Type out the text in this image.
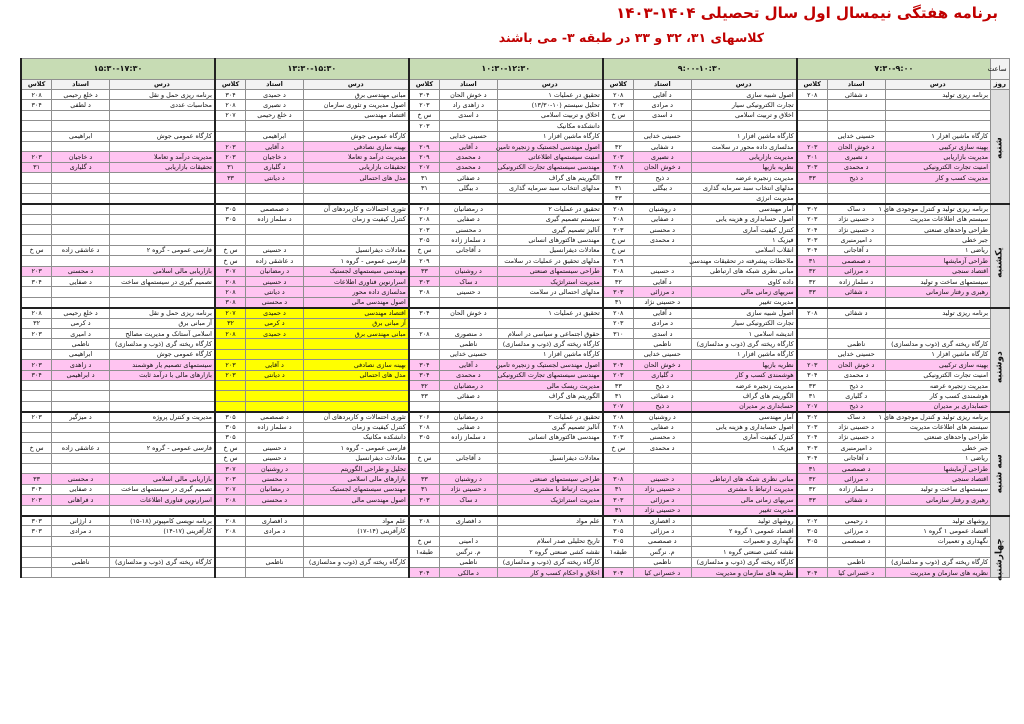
برنامه هفتگی نیمسال اول سال تحصیلی ۱۴۰۴-۱۴۰۳
کلاسهای ۳۱، ۳۲ و ۳۳ در طبقه ۳- می باشند
ساعت	۷:۳۰-۹:۰۰			۹:۰۰-۱۰:۳۰			۱۰:۳۰-۱۲:۳۰			۱۳:۳۰-۱۵:۳۰			۱۵:۳۰-۱۷:۳۰		
روز	درس	استاد	کلاس	درس	استاد	کلاس	درس	استاد	کلاس	درس	استاد	کلاس	درس	استاد	کلاس

شنبه	برنامه ریزی تولید	د شفائی	۲۰۸	اصول شبیه سازی	د آقایی	۲۰۸	تحقیق در عملیات ۱	د خوش الحان	۳۰۴	مبانی مهندسی برق	د حمیدی	۳۰۴	برنامه ریزی حمل و نقل	د خلع رحیمی	۲۰۸
				تجارت الکترونیکی سیار	د مرادی	۲۰۳	تحلیل سیستم (۱۰-۱۳/۳۰)	د زاهدی راد	۲۰۳	اصول مدیریت و تئوری سازمان	د نصیری	۲۰۸	محاسبات عددی	د لطفی	۳۰۴
				اخلاق و تربیت اسلامی	د اسدی	س خ	اخلاق و تربیت اسلامی	د اسدی	س خ	اقتصاد مهندسی	د خلع رحیمی	۲۰۷			
							دانشکده مکانیک		۲۰۳						
	کارگاه ماشین افزار ۱	حسینی خدایی		کارگاه ماشین افزار ۱	حسینی خدایی		کارگاه ماشین افزار ۱	حسینی خدایی		کارگاه عمومی جوش	ابراهیمی		کارگاه عمومی جوش	ابراهیمی	
	بهینه سازی ترکیبی	د خوش الحان	۲۰۳	مدلسازی داده محور در سلامت	د شفایی	۳۲	اصول مهندسی لجستیک و زنجیره تامین	د آقایی	۲۰۹	بهینه سازی نصادفی	د آقایی	۲۰۳			
	مدیریت بازاریابی	د نصیری	۳۰۱	مدیریت بازاریابی	د نصیری	۲۰۳	امنیت سیستمهای اطلاعاتی	د محمدی	۲۰۹	مدیریت درآمد و تعاملا	د خاجیان	۲۰۳	مدیریت درآمد و تعاملا	د خاجیان	۲۰۳
	امنیت تجارت الکترونیکی	د محمدی	۳۰۳	نظریه بازیها	د خوش الحان	۲۰۸	مهندسی سیستمهای تجارت الکترونیکی	د محمدی	۲۰۷	تحقیقات بازاریابی	د گلیاری	۳۱	تحقیقات بازاریابی	د گلیاری	۳۱
	مدیریت کسب و کار	د ذیح	۳۳	مدیریت زنجیره عرضه	د ذیح	۳۳	الگوریتم های گراف	د صفائی	۳۱	مدل های احتمالی	د دیانتی	۳۳			
				مدلهای انتخاب سبد سرمایه گذاری	د بیگلی	۳۱	مدلهای انتخاب سبد سرمایه گذاری	د بیگلی	۳۱						
				مدیریت انرژی		۳۳									

یکشنبه	برنامه ریزی تولید و کنترل موجودی های ۱	د ساک	۳۰۲	آمار مهندسی	د روشنیان	۲۰۸	تحقیق در عملیات ۲	د رمضانیان	۲۰۶	تئوری احتمالات و کاربردهای آن	د صمصمی	۳۰۵			
	سیستم های اطلاعات مدیریت	د حسینی نژاد	۲۰۳	اصول حسابداری و هزینه یابی	د صفایی	۲۰۸	سیستم تصمیم گیری	د صفایی	۲۰۸	کنترل کیفیت و زمان	د سلماز زاده	۳۰۵			
	طراحی واحدهای صنعتی	د حسینی نژاد	۲۰۴	کنترل کیفیت آماری	د محسنی	۲۰۳	آنالیز تصمیم گیری	د محسنی	۲۰۳						
	جبر خطی	د امیرمنبری	۳۰۳	فیزیک ۱	د محمدی	س خ	مهندسی فاکتورهای انسانی	د سلماز زاده	۳۰۵						
	ریاضی ۱	د آقاجانی	۳۰۴	انقلاب اسلامی		س خ	معادلات دیفرانسیل	د آقاجانی	س خ	معادلات دیفرانسیل	د حسینی	س خ	فارسی عمومی - گروه ۲	د عاشقی زاده	س خ
	طراحی آزمایشها	د صمصمی	۳۱	ملاحظات پیشرفته در تحقیقات مهندسی		۲۰۹	مدلهای تحقیق در عملیات در سلامت		۲۰۹	فارسی عمومی - گروه ۱	د عاشقی زاده	س خ			
	اقتصاد سنجی	د مرزائی	۳۲	مبانی نظری شبکه های ارتباطی	د حسینی	۳۰۸	طراحی سیستمهای صنعتی	د روشنیان	۳۳	مهندسی سیستمهای لجستیک	د رمضانیان	۳۰۷	بازاریابی مالی اسلامی	د محسنی	۲۰۳
	سیستمهای ساخت و تولید	د سلماز زاده	۳۲	داده کاوی	د آقایی	۳۲	مدیریت استراتژیک	د ساک	۳۰۳	اسرارنوین فناوری اطلاعات	د حسینی	۲۰۸	تصمیم گیری در سیستمهای ساخت	د صفایی	۳۰۴
	رهبری و رفتار سازمانی	د شفائی	۳۳	سریهای زمانی مالی	د مرزائی	۳۰۳	مدلهای احتمالی در سلامت	د حسینی	۳۰۸	مدلسازی داده محور	د دیانتی	۲۰۸			
				مدیریت تغییر	د حسینی نژاد	۳۱				اصول مهندسی مالی	د محسنی	۳۰۸			

دوشنبه	برنامه ریزی تولید	د شفائی	۲۰۸	اصول شبیه سازی	د آقایی	۲۰۸	تحقیق در عملیات ۱	د خوش الحان	۳۰۴	اقتصاد مهندسی	د حمیدی	۲۰۷	برنامه ریزی حمل و نقل	د خلع رحیمی	۲۰۸
				تجارت الکترونیکی سیار	د مرادی	۲۰۳				آز مبانی برق	د کرمی	۳۲	آز مبانی برق	د کرمی	۳۲
				اندیشه اسلامی ۱	د اسدی	۳۱۰	حقوق اجتماعی و سیاسی در اسلام	د منصوری	۲۰۸	مبانی مهندسی برق	د حمیدی	۲۰۸	اسلامی آستانک و مدیریت مصالح	د امیری	۲۰۳
	کارگاه ریخته گری (ذوب و مدلسازی)	ناظمی		کارگاه ریخته گری (ذوب و مدلسازی)	ناظمی		کارگاه ریخته گری (ذوب و مدلسازی)	ناظمی					کارگاه ریخته گری (ذوب و مدلسازی)	ناظمی	
	کارگاه ماشین افزار ۱	حسینی خدایی		کارگاه ماشین افزار ۱	حسینی خدایی		کارگاه ماشین افزار ۱	حسینی خدایی					کارگاه عمومی جوش	ابراهیمی	
	بهینه سازی ترکیبی	د خوش الحان	۲۰۳	نظریه بازیها	د خوش الحان	۳۰۴	اصول مهندسی لجستیک و زنجیره تامین	د آقایی	۳۰۴	بهینه سازی نصادفی	د آقایی	۲۰۳	سیستمهای تصمیم یار هوشمند	د زاهدی	۲۰۳
	امنیت تجارت الکترونیکی	د محمدی	۳۰۴	هوشمندی کسب و کار	د گلیاری	۲۰۳	مهندسی سیستمهای تجارت الکترونیکی	د محمدی	۳۰۴	مدل های احتمالی	د دیانتی	۲۰۳	بازارهای مالی با درآمد ثابت	د ابراهیمی	۳۰۴
	مدیریت زنجیره عرضه	د ذیح	۳۳	مدیریت زنجیره عرضه	د ذیح	۳۳	مدیریت ریسک مالی	د رمضانیان	۳۲						
	هوشمندی کسب و کار	د گلیاری	۳۱	الگوریتم های گراف	د صفائی	۳۱	الگوریتم های گراف	د صفائی	۳۳						
	حسابداری بر مدیران	د ذیح	۲۰۷	حسابداری بر مدیران	د ذیح	۲۰۷									

سه شنبه	برنامه ریزی تولید و کنترل موجودی های ۱	د ساک	۳۰۲	آمار مهندسی	د روشنیان	۲۰۸	تحقیق در عملیات ۲	د رمضانیان	۲۰۶	تئوری احتمالات و کاربردهای آن	د صمصمی	۳۰۵	مدیریت و کنترل پروژه	د میزگیر	۲۰۳
	سیستم های اطلاعات مدیریت	د حسینی نژاد	۲۰۳	اصول حسابداری و هزینه یابی	د صفایی	۲۰۸	آنالیز تصمیم گیری	د صفایی	۲۰۸	کنترل کیفیت و زمان	د سلماز زاده	۳۰۵			
	طراحی واحدهای صنعتی	د حسینی نژاد	۲۰۴	کنترل کیفیت آماری	د محسنی	۲۰۳	مهندسی فاکتورهای انسانی	د سلماز زاده	۳۰۵	دانشکده مکانیک		۳۰۵			
	جبر خطی	د امیرمنبری	۳۰۳	فیزیک ۱	د محمدی	س خ				فارسی عمومی - گروه ۱	د حسینی	س خ	فارسی عمومی - گروه ۲	د عاشقی زاده	س خ
	ریاضی ۱	د آقاجانی	۳۰۴				معادلات دیفرانسیل	د آقاجانی	س خ	معادلات دیفرانسیل	د حسینی	س خ			
	طراحی آزمایشها	د صمصمی	۳۱							تحلیل و طراحی الگوریتم	د روشنیان	۳۰۷			
	اقتصاد سنجی	د مرزائی	۳۲	مبانی نظری شبکه های ارتباطی	د حسینی	۳۰۸	طراحی سیستمهای صنعتی	د روشنیان	۳۳	بازارهای مالی اسلامی	د محسنی	۲۰۳	بازاریابی مالی اسلامی	د محسنی	۳۳
	سیستمهای ساخت و تولید	د سلماز زاده	۳۲	مدیریت ارتباط با مشتری	د حسینی نژاد	۳۱	مدیریت ارتباط با مشتری	د حسینی نژاد	۳۱	مهندسی سیستمهای لجستیک	د رمضانیان	۲۰۷	تصمیم گیری در سیستمهای ساخت	د صفایی	۳۰۴
	رهبری و رفتار سازمانی	د شفائی	۳۳	سریهای زمانی مالی	د مرزائی	۳۰۳	مدیریت استراتژیک	د ساک	۳۰۳	اصول مهندسی مالی	د محسنی	۲۰۸	اسرارنوین فناوری اطلاعات	د فراهانی	۲۰۳
				مدیریت تغییر	د حسینی نژاد	۳۱									

چهارشنبه	روشهای تولید	د رحیمی	۲۰۲	روشهای تولید	د افصاری	۲۰۸	علم مواد	د افصاری	۲۰۸	علم مواد	د افصاری	۲۰۸	برنامه نویسی کامپیوتر (۱۸-۱۵)	د ارژانی	۳۰۳
	اقتصاد عمومی ۱ گروه ۱	د مرزائی	۳۰۵	اقتصاد عمومی ۱ گروه ۲	د مرزائی	۳۰۵				کارآفرینی (۱۴-۱۷)	د مرادی	۲۰۸	کارآفرینی (۱۷-۱۴)	د مرادی	۳۰۳
	نگهداری و تعمیرات	د صمصمی	۳۰۵	نگهداری و تعمیرات	د صمصمی	۳۰۵	تاریخ تحلیلی صدر اسلام	د امینی	س خ						
				نقشه کشی صنعتی گروه ۱	م. نرگس	طبقه۱	نقشه کشی صنعتی گروه ۲	م. نرگس	طبقه۱						
	کارگاه ریخته گری (ذوب و مدلسازی)	ناظمی		کارگاه ریخته گری (ذوب و مدلسازی)	ناظمی		کارگاه ریخته گری (ذوب و مدلسازی)	ناظمی		کارگاه ریخته گری (ذوب و مدلسازی)	ناظمی		کارگاه ریخته گری (ذوب و مدلسازی)	ناظمی	
	نظریه های سازمان و مدیریت	د خسرانی کیا	۳۰۴	نظریه های سازمان و مدیریت	د خسرانی کیا	۳۰۴	اخلاق و احکام کسب و کار	د مالکی	۳۰۴						
